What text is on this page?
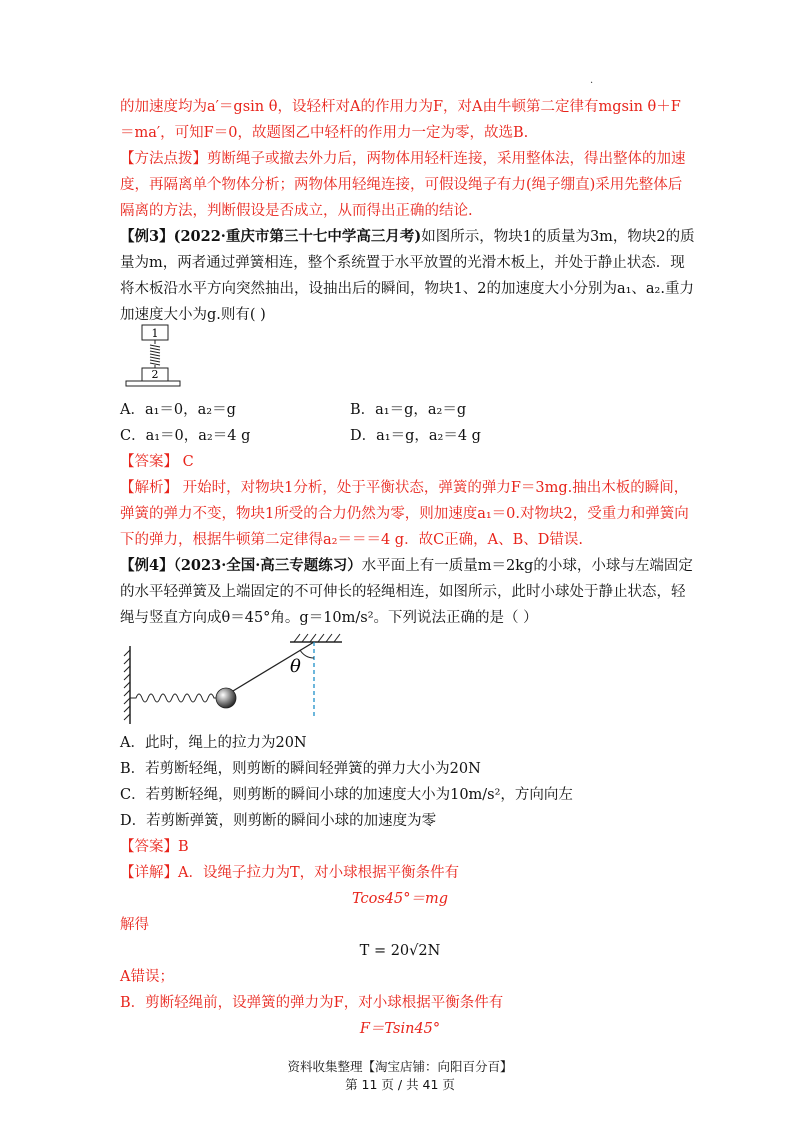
·
的加速度均为a′＝gsin θ，设轻杆对A的作用力为F，对A由牛顿第二定律有mgsin θ＋F
＝ma′，可知F＝0，故题图乙中轻杆的作用力一定为零，故选B.
【方法点拨】剪断绳子或撤去外力后，两物体用轻杆连接，采用整体法，得出整体的加速
度，再隔离单个物体分析；两物体用轻绳连接，可假设绳子有力(绳子绷直)采用先整体后
隔离的方法，判断假设是否成立，从而得出正确的结论.
【例3】(2022·重庆市第三十七中学高三月考)如图所示，物块1的质量为3m，物块2的质
量为m，两者通过弹簧相连，整个系统置于水平放置的光滑木板上，并处于静止状态．现
将木板沿水平方向突然抽出，设抽出后的瞬间，物块1、2的加速度大小分别为a₁、a₂.重力
加速度大小为g.则有( )
1
2
A．a₁＝0，a₂＝g	B．a₁＝g，a₂＝g
C．a₁＝0，a₂＝4 g	D．a₁＝g，a₂＝4 g
【答案】 C
【解析】 开始时，对物块1分析，处于平衡状态，弹簧的弹力F＝3mg.抽出木板的瞬间，
弹簧的弹力不变，物块1所受的合力仍然为零，则加速度a₁＝0.对物块2，受重力和弹簧向
下的弹力，根据牛顿第二定律得a₂＝＝＝4 g．故C正确，A、B、D错误.
【例4】（2023·全国·高三专题练习）水平面上有一质量m＝2kg的小球，小球与左端固定
的水平轻弹簧及上端固定的不可伸长的轻绳相连，如图所示，此时小球处于静止状态，轻
绳与竖直方向成θ＝45°角。g＝10m/s²。下列说法正确的是（ ）
θ
A．此时，绳上的拉力为20N
B．若剪断轻绳，则剪断的瞬间轻弹簧的弹力大小为20N
C．若剪断轻绳，则剪断的瞬间小球的加速度大小为10m/s²，方向向左
D．若剪断弹簧，则剪断的瞬间小球的加速度为零
【答案】B
【详解】A．设绳子拉力为T，对小球根据平衡条件有
Tcos45°＝mg
解得
T = 20√2N
A错误；
B．剪断轻绳前，设弹簧的弹力为F，对小球根据平衡条件有
F＝Tsin45°
资料收集整理【淘宝店铺：向阳百分百】
第 11 页 / 共 41 页
